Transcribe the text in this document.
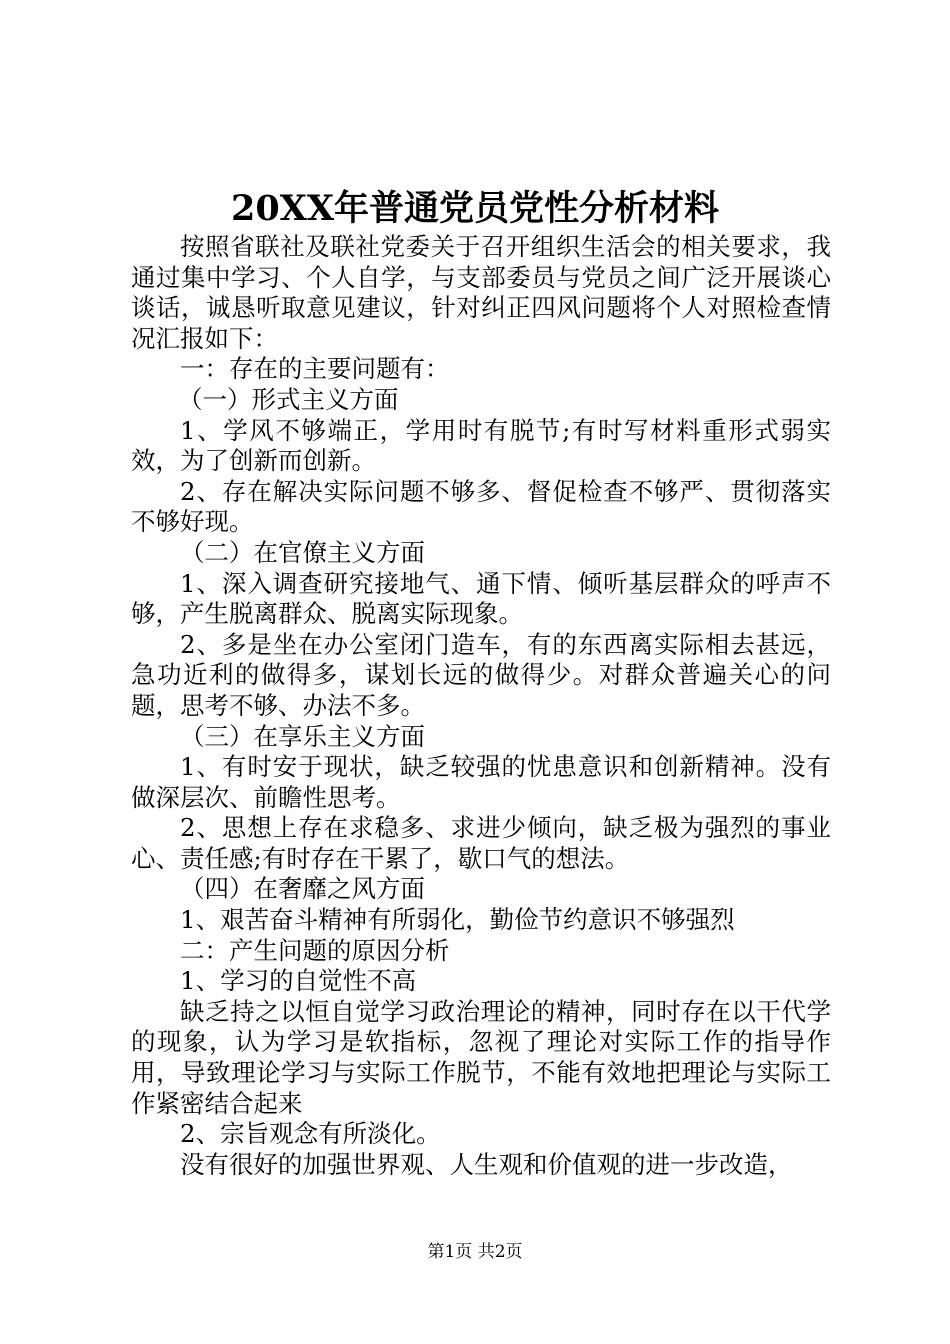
20XX年普通党员党性分析材料

按照省联社及联社党委关于召开组织生活会的相关要求，我通过集中学习、个人自学，与支部委员与党员之间广泛开展谈心谈话，诚恳听取意见建议，针对纠正四风问题将个人对照检查情况汇报如下：

一：存在的主要问题有：

（一）形式主义方面

1、学风不够端正，学用时有脱节;有时写材料重形式弱实效，为了创新而创新。

2、存在解决实际问题不够多、督促检查不够严、贯彻落实不够好现。

（二）在官僚主义方面

1、深入调查研究接地气、通下情、倾听基层群众的呼声不够，产生脱离群众、脱离实际现象。

2、多是坐在办公室闭门造车，有的东西离实际相去甚远，急功近利的做得多，谋划长远的做得少。对群众普遍关心的问题，思考不够、办法不多。

（三）在享乐主义方面

1、有时安于现状，缺乏较强的忧患意识和创新精神。没有做深层次、前瞻性思考。

2、思想上存在求稳多、求进少倾向，缺乏极为强烈的事业心、责任感;有时存在干累了，歇口气的想法。

（四）在奢靡之风方面

1、艰苦奋斗精神有所弱化，勤俭节约意识不够强烈

二：产生问题的原因分析

1、学习的自觉性不高

缺乏持之以恒自觉学习政治理论的精神，同时存在以干代学的现象，认为学习是软指标，忽视了理论对实际工作的指导作用，导致理论学习与实际工作脱节，不能有效地把理论与实际工作紧密结合起来

2、宗旨观念有所淡化。

没有很好的加强世界观、人生观和价值观的进一步改造，

第1页 共2页
